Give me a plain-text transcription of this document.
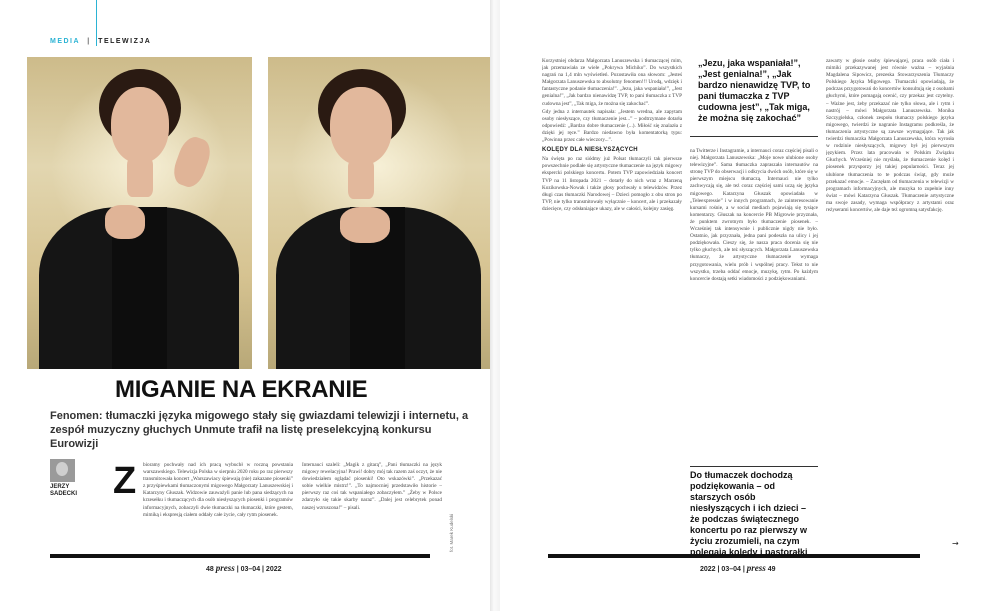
MEDIA | TELEWIZJA
MIGANIE NA EKRANIE
Fenomen: tłumaczki języka migowego stały się gwiazdami telewizji i internetu, a zespół muzyczny głuchych Unmute trafił na listę preselekcyjną konkursu Eurowizji
JERZY SADECKI Z bioramy pochwały nad ich pracą wybuchł w roczną powstania warszawskiego. Telewizja Polska w sierpniu 2020 roku po raz pierwszy transmitowała koncert „Warszawiacy śpiewają (nie) zakazane piosenki” z przyśpiewkami tłumaczonymi migowego Małgorzaty Lanuszewskiej i Katarzyny Głuszak. Widzowie zauważyli panie lub pana siedzących na krzesełku i tłumaczących dla osób niesłyszących piosenki i programów informacyjnych, zobaczyli dwie tłumaczki na tłumaczki, które gestem, mimiką i ekspresją ciałem oddały całe życie, cały rytm piosenek.

Internauci szaleli: „Magik z gitarą”, „Pani tłumaczki na język migowy rewelacyjna! Prawi! dobry mój tak razem zaś oczyt, że nie dowiedziałem oglądać piosenki! Oto wskazówki”. „Przekazać sobie wielkie mistrz!”. „To najmocniej przedstawiło historie – pierwszy raz coś tak wspaniałego zobaczyłem.” „Żeby w Polsce zdarzyło się takie skarby naraz”. „Dalej jest celebrytek ponad naszej wzruszona!” – pisali.

fot. Marek Kudelski
48 press | 03–04 | 2022

Korzystniej obdarza Małgorzata Lanuszewska i tłumaczącej mim, jak przemawiała ze wiele „Pokrywa Michiko”. Do wszystkich nagrań na 1,4 mln wyświetleń. Pozostawiła ona słowom: „Jesteś Małgorzata Lanuszewska to absolutny fenomen!!! Urodą, wdzięk i fantastyczne podanie tłumaczenia!”. „Jezu, jaka wspaniała!”, „Jest genialna!”, „Jak bardzo nienawidzę TVP, to pani tłumaczka z TVP cudowna jest”, „Tak miga, że można się zakochać”.

Gdy jedna z internautek napisała: „Jestem wredna, ale zapytam osoby niesłyszące, czy tłumaczenie jest...” – podtrzymane dotarła odpowiedź: „Bardzo dobre tłumaczenie (...). Miłość się znalazła z dzięki jej ręce.” Bardzo niedawno była komentatorką typu: „Powinna przez całe wieczory...”.

KOLĘDY DLA NIESŁYSZĄCYCH

Na święta po raz siódmy już Polsat tłumaczyli tak pierwsze powszechnie podlałe się artystyczne tłumaczenie na język migowy ekspercki polskiego koncertu. Potem TVP zapowiedziała koncert TVP na 11 listopada 2021 – dotarły do nich wraz z Marzeną Kozikowska-Nowak i także głosy pochwały u telewidzów. Przez długi czas tłumaczki Narodowej – Dzieci pomogło z obu stron po TVP, nie tylko transmitowały wyłącznie – koncert, ale i przekazały dziecięce, czy odsłaniające ukazy, ale w całości, kolejny zasięg.

na Twitterze i Instagramie, a internauci coraz częściej pisali o niej. Małgorzata Lanuszewska: „Moje nowe ulubione osoby telewizyjne”. Sama tłumaczka zapraszała internautów na stronę TVP do obserwacji i odkrycia dwóch osób, które się w pierwszym miejscu tłumaczą. Internauci nie tylko zachwycają się, ale też coraz częściej sami uczą się języka migowego. Katarzyna Głuszak opowiadała w „Teleexpressie” i w innych programach, że zainteresowanie kursami rośnie, a w social mediach pojawiają się tysiące komentarzy. Głuszak na koncercie PB Migrowie przyznała, że punktem zwrotnym było tłumaczenie piosenek. – Wcześniej tak intensywnie i publicznie nigdy nie było. Ostatnio, jak przyznała, jedna pani podeszła na ulicy i jej podziękowała. Cieszy się, że nasza praca docenia się nie tylko głuchych, ale też słyszących. Małgorzata Lanuszewska tłumaczy, że artystyczne tłumaczenie wymaga przygotowania, wielu prób i wspólnej pracy. Tekst to nie wszystko, trzeba oddać emocje, muzykę, rytm. Po każdym koncercie dostają setki wiadomości z podziękowaniami.

zawarty w głosie osoby śpiewającej, praca osób ciała i mimiki przekazywanej jest równie ważna – wyjaśnia Magdalena Sipowicz, prezeska Stowarzyszenia Tłumaczy Polskiego Języka Migowego. Tłumaczki opowiadają, że podczas przygotowań do koncertów konsultują się z osobami głuchymi, które pomagają ocenić, czy przekaz jest czytelny. – Ważne jest, żeby przekazać nie tylko słowa, ale i rytm i nastrój – mówi Małgorzata Lanuszewska. Monika Szczygielska, członek zespołu tłumaczy polskiego języka migowego, twierdzi że nagranie Instagramu podkreśla, że tłumaczenia artystyczne są zawsze wymagające. Tak jak twierdzi tłumaczka Małgorzata Lanuszewska, która wyrosła w rodzinie niesłyszących, migowy był jej pierwszym językiem. Przez lata pracowała w Polskim Związku Głuchych. Wcześniej nie myślała, że tłumaczenie kolęd i piosenek przysporzy jej takiej popularności. Teraz jej ulubione tłumaczenia to te podczas świąt, gdy może przekazać emocje. – Zaczęłam od tłumaczenia w telewizji w programach informacyjnych, ale muzyka to zupełnie inny świat – mówi Katarzyna Głuszak. Tłumaczenie artystyczne ma swoje zasady, wymaga współpracy z artystami oraz reżyserami koncertów, ale daje też ogromną satysfakcję.

2022 | 03–04 | press 49
„Jezu, jaka wspaniała!”, „Jest genialna!”, „Jak bardzo nienawidzę TVP, to pani tłumaczka z TVP cudowna jest”, „Tak miga, że można się zakochać”
Do tłumaczek dochodzą podziękowania – od starszych osób niesłyszących i ich dzieci – że podczas świątecznego koncertu po raz pierwszy w życiu zrozumieli, na czym polegają kolędy i pastorałki
→
